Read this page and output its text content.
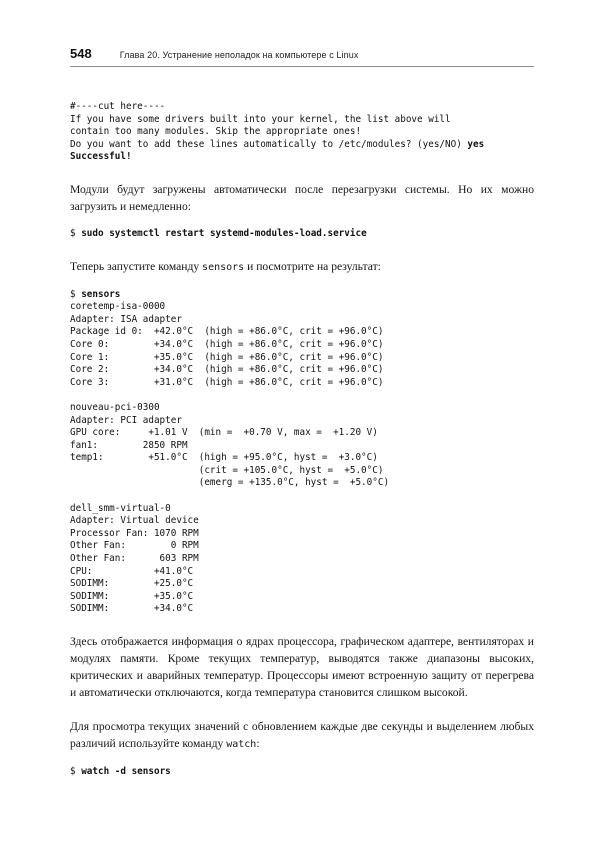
548	Глава 20. Устранение неполадок на компьютере с Linux
#----cut here----
If you have some drivers built into your kernel, the list above will
contain too many modules. Skip the appropriate ones!
Do you want to add these lines automatically to /etc/modules? (yes/NO) yes
Successful!

Модули будут загружены автоматически после перезагрузки системы. Но их можно загрузить и немедленно:

$ sudo systemctl restart systemd-modules-load.service

Теперь запустите команду sensors и посмотрите на результат:

$ sensors
coretemp-isa-0000
Adapter: ISA adapter
Package id 0:  +42.0°C  (high = +86.0°C, crit = +96.0°C)
Core 0:        +34.0°C  (high = +86.0°C, crit = +96.0°C)
Core 1:        +35.0°C  (high = +86.0°C, crit = +96.0°C)
Core 2:        +34.0°C  (high = +86.0°C, crit = +96.0°C)
Core 3:        +31.0°C  (high = +86.0°C, crit = +96.0°C)
nouveau-pci-0300
Adapter: PCI adapter
GPU core:     +1.01 V  (min =  +0.70 V, max =  +1.20 V)
fan1:        2850 RPM
temp1:        +51.0°C  (high = +95.0°C, hyst =  +3.0°C)
(crit = +105.0°C, hyst =  +5.0°C)
(emerg = +135.0°C, hyst =  +5.0°C)
dell_smm-virtual-0
Adapter: Virtual device
Processor Fan: 1070 RPM
Other Fan:        0 RPM
Other Fan:      603 RPM
CPU:           +41.0°C
SODIMM:        +25.0°C
SODIMM:        +35.0°C
SODIMM:        +34.0°C

Здесь отображается информация о ядрах процессора, графическом адаптере, вентиляторах и модулях памяти. Кроме текущих температур, выводятся также диапазоны высоких, критических и аварийных температур. Процессоры имеют встроенную защиту от перегрева и автоматически отключаются, когда температура становится слишком высокой.

Для просмотра текущих значений с обновлением каждые две секунды и выделением любых различий используйте команду watch:

$ watch -d sensors
